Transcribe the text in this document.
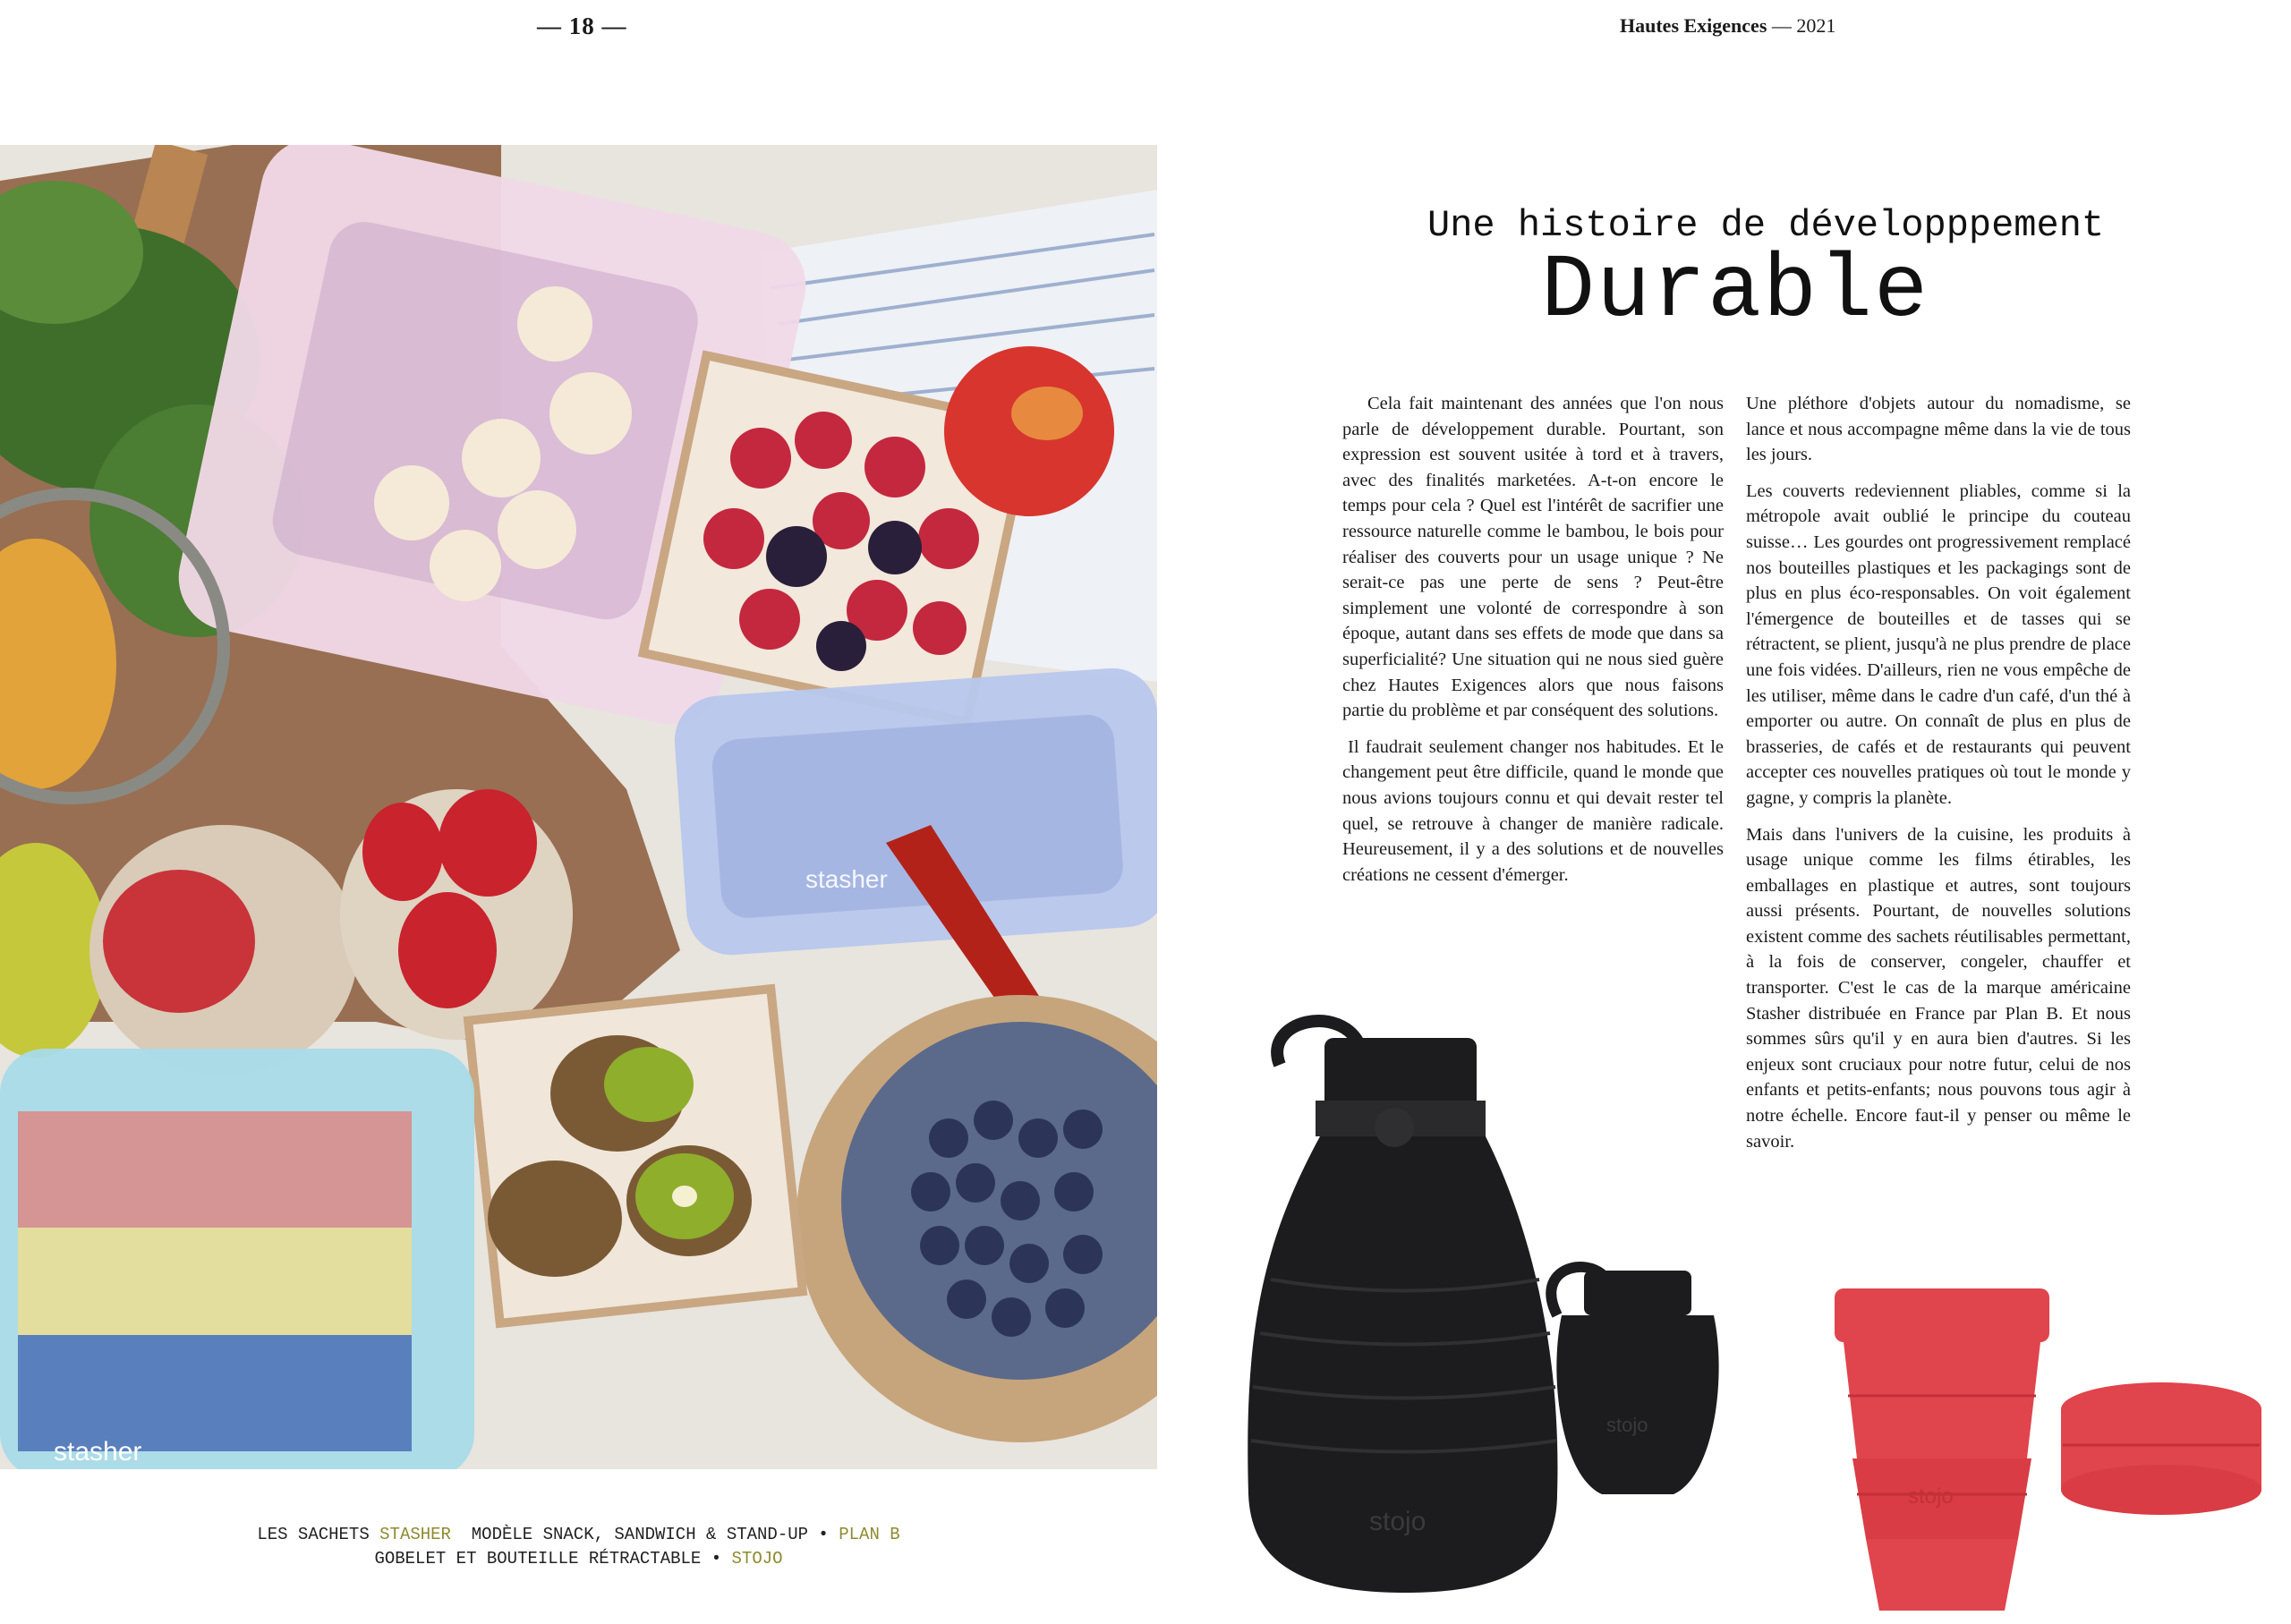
— 18 —	Hautes Exigences — 2021
stasher
stasher
LES SACHETS STASHER  MODÈLE SNACK, SANDWICH & STAND-UP • PLAN B
GOBELET ET BOUTEILLE RÉTRACTABLE • STOJO
Une histoire de développpement
Durable

Cela fait maintenant des années que l'on nous parle de développement durable. Pourtant, son expression est souvent usitée à tord et à travers, avec des finalités marketées. A-t-on encore le temps pour cela ? Quel est l'intérêt de sacrifier une ressource naturelle comme le bambou, le bois pour réaliser des couverts pour un usage unique ? Ne serait-ce pas une perte de sens ? Peut-être simplement une volonté de correspondre à son époque, autant dans ses effets de mode que dans sa superficialité? Une situation qui ne nous sied guère chez Hautes Exigences alors que nous faisons partie du problème et par conséquent des solutions.

Il faudrait seulement changer nos habitudes. Et le changement peut être difficile, quand le monde que nous avions toujours connu et qui devait rester tel quel, se retrouve à changer de manière radicale. Heureusement, il y a des solutions et de nouvelles créations ne cessent d'émerger.

Une pléthore d'objets autour du nomadisme, se lance et nous accompagne même dans la vie de tous les jours.

Les couverts redeviennent pliables, comme si la métropole avait oublié le principe du couteau suisse… Les gourdes ont progressivement remplacé nos bouteilles plastiques et les packagings sont de plus en plus éco-responsables. On voit également l'émergence de bouteilles et de tasses qui se rétractent, se plient, jusqu'à ne plus prendre de place une fois vidées. D'ailleurs, rien ne vous empêche de les utiliser, même dans le cadre d'un café, d'un thé à emporter ou autre. On connaît de plus en plus de brasseries, de cafés et de restaurants qui peuvent accepter ces nouvelles pratiques où tout le monde y gagne, y compris la planète.

Mais dans l'univers de la cuisine, les produits à usage unique comme les films étirables, les emballages en plastique et autres, sont toujours aussi présents. Pourtant, de nouvelles solutions existent comme des sachets réutilisables permettant, à la fois de conserver, congeler, chauffer et transporter. C'est le cas de la marque américaine Stasher distribuée en France par Plan B. Et nous sommes sûrs qu'il y en aura bien d'autres. Si les enjeux sont cruciaux pour notre futur, celui de nos enfants et petits-enfants; nous pouvons tous agir à notre échelle. Encore faut-il y penser ou même le savoir.

stojo
stojo
stojo
